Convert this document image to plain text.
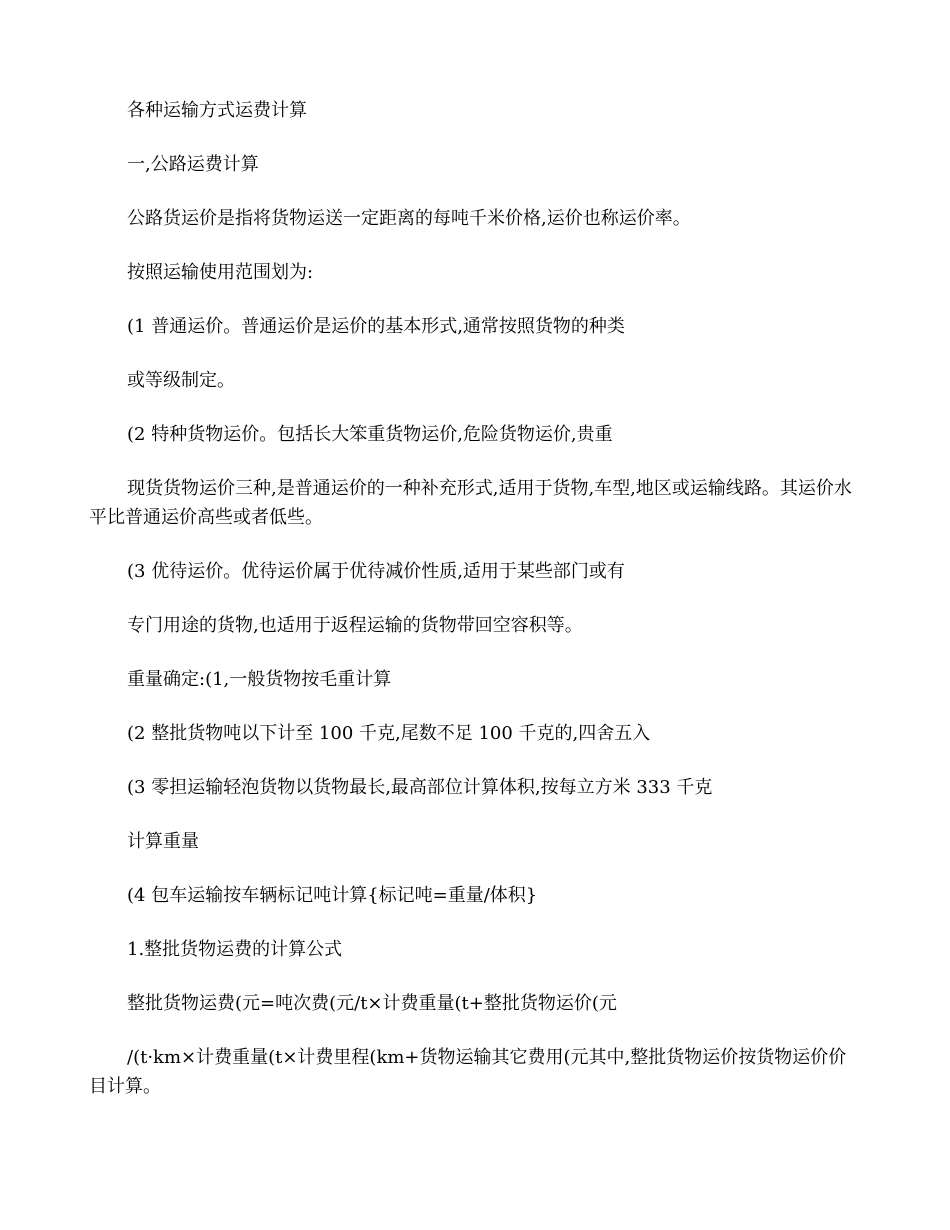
各种运输方式运费计算

一,公路运费计算

公路货运价是指将货物运送一定距离的每吨千米价格,运价也称运价率。

按照运输使用范围划为:

(1 普通运价。普通运价是运价的基本形式,通常按照货物的种类

或等级制定。

(2 特种货物运价。包括长大笨重货物运价,危险货物运价,贵重

现货货物运价三种,是普通运价的一种补充形式,适用于货物,车型,地区或运输线路。其运价水平比普通运价高些或者低些。

(3 优待运价。优待运价属于优待减价性质,适用于某些部门或有

专门用途的货物,也适用于返程运输的货物带回空容积等。

重量确定:(1,一般货物按毛重计算

(2 整批货物吨以下计至 100 千克,尾数不足 100 千克的,四舍五入

(3 零担运输轻泡货物以货物最长,最高部位计算体积,按每立方米 333 千克

计算重量

(4 包车运输按车辆标记吨计算{标记吨=重量/体积}

1.整批货物运费的计算公式

整批货物运费(元=吨次费(元/t×计费重量(t+整批货物运价(元

/(t·km×计费重量(t×计费里程(km+货物运输其它费用(元其中,整批货物运价按货物运价价目计算。
